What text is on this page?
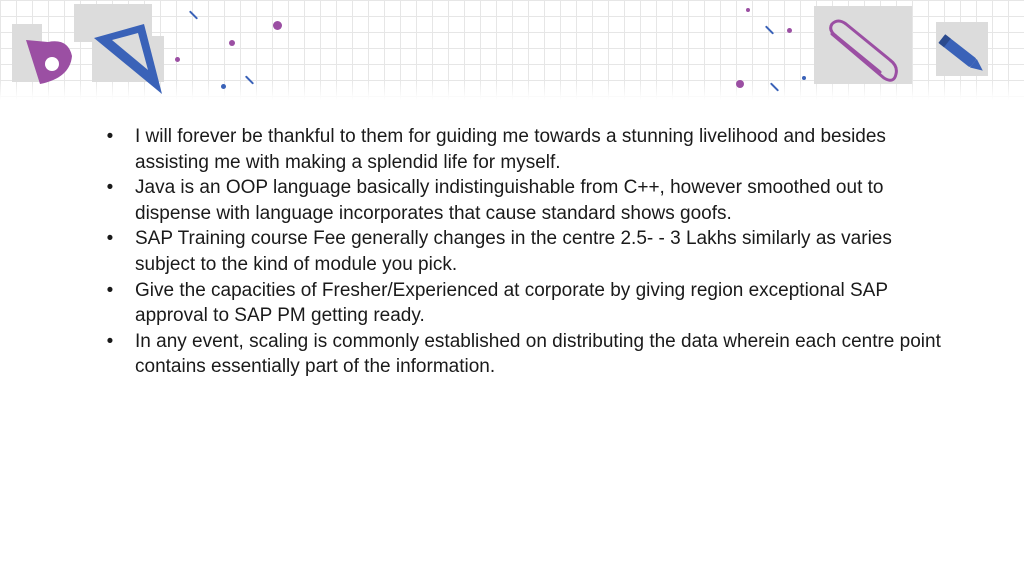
• I will forever be thankful to them for guiding me towards a stunning livelihood and besides assisting me with making a splendid life for myself.
• Java is an OOP language basically indistinguishable from C++, however smoothed out to dispense with language incorporates that cause standard shows goofs.
• SAP Training course Fee generally changes in the centre 2.5- - 3 Lakhs similarly as varies subject to the kind of module you pick.
• Give the capacities of Fresher/Experienced at corporate by giving region exceptional SAP approval to SAP PM getting ready.
• In any event, scaling is commonly established on distributing the data wherein each centre point contains essentially part of the information.
